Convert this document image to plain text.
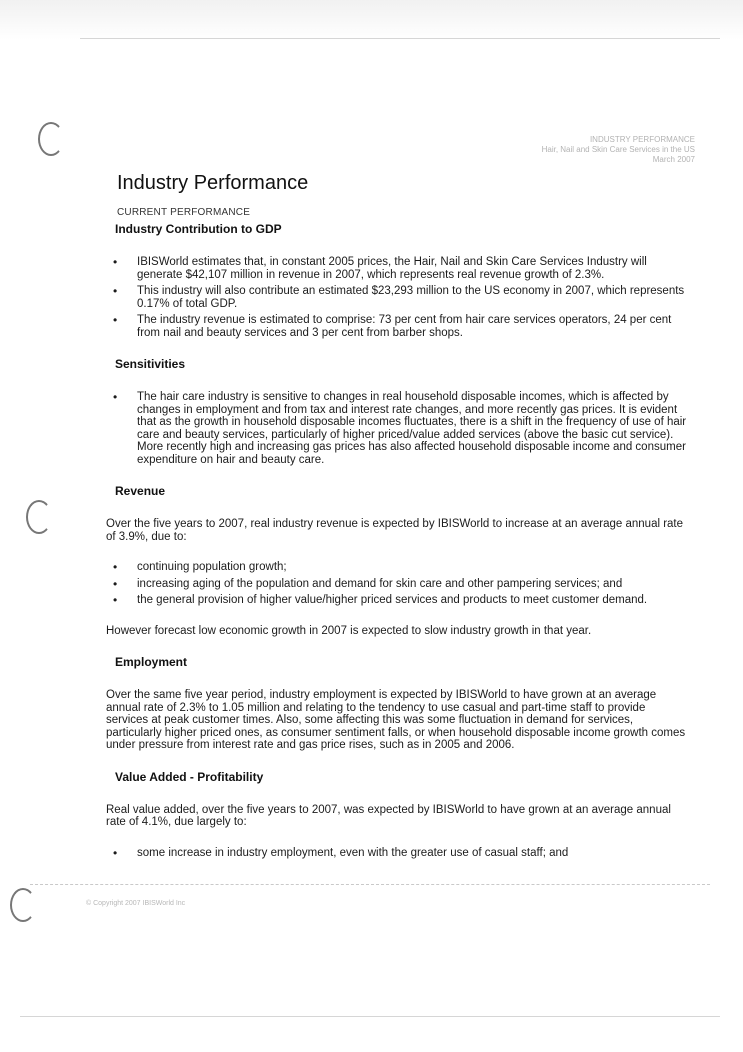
INDUSTRY PERFORMANCE
Hair, Nail and Skin Care Services in the US
March 2007
Industry Performance
CURRENT PERFORMANCE
Industry Contribution to GDP
• IBISWorld estimates that, in constant 2005 prices, the Hair, Nail and Skin Care Services Industry will generate $42,107 million in revenue in 2007, which represents real revenue growth of 2.3%.
• This industry will also contribute an estimated $23,293 million to the US economy in 2007, which represents 0.17% of total GDP.
• The industry revenue is estimated to comprise: 73 per cent from hair care services operators, 24 per cent from nail and beauty services and 3 per cent from barber shops.
Sensitivities
• The hair care industry is sensitive to changes in real household disposable incomes, which is affected by changes in employment and from tax and interest rate changes, and more recently gas prices. It is evident that as the growth in household disposable incomes fluctuates, there is a shift in the frequency of use of hair care and beauty services, particularly of higher priced/value added services (above the basic cut service). More recently high and increasing gas prices has also affected household disposable income and consumer expenditure on hair and beauty care.
Revenue

Over the five years to 2007, real industry revenue is expected by IBISWorld to increase at an average annual rate of 3.9%, due to:

• continuing population growth;
• increasing aging of the population and demand for skin care and other pampering services; and
• the general provision of higher value/higher priced services and products to meet customer demand.

However forecast low economic growth in 2007 is expected to slow industry growth in that year.

Employment

Over the same five year period, industry employment is expected by IBISWorld to have grown at an average annual rate of 2.3% to 1.05 million and relating to the tendency to use casual and part-time staff to provide services at peak customer times. Also, some affecting this was some fluctuation in demand for services, particularly higher priced ones, as consumer sentiment falls, or when household disposable income growth comes under pressure from interest rate and gas price rises, such as in 2005 and 2006.

Value Added - Profitability

Real value added, over the five years to 2007, was expected by IBISWorld to have grown at an average annual rate of 4.1%, due largely to:

• some increase in industry employment, even with the greater use of casual staff; and
© Copyright 2007 IBISWorld Inc
